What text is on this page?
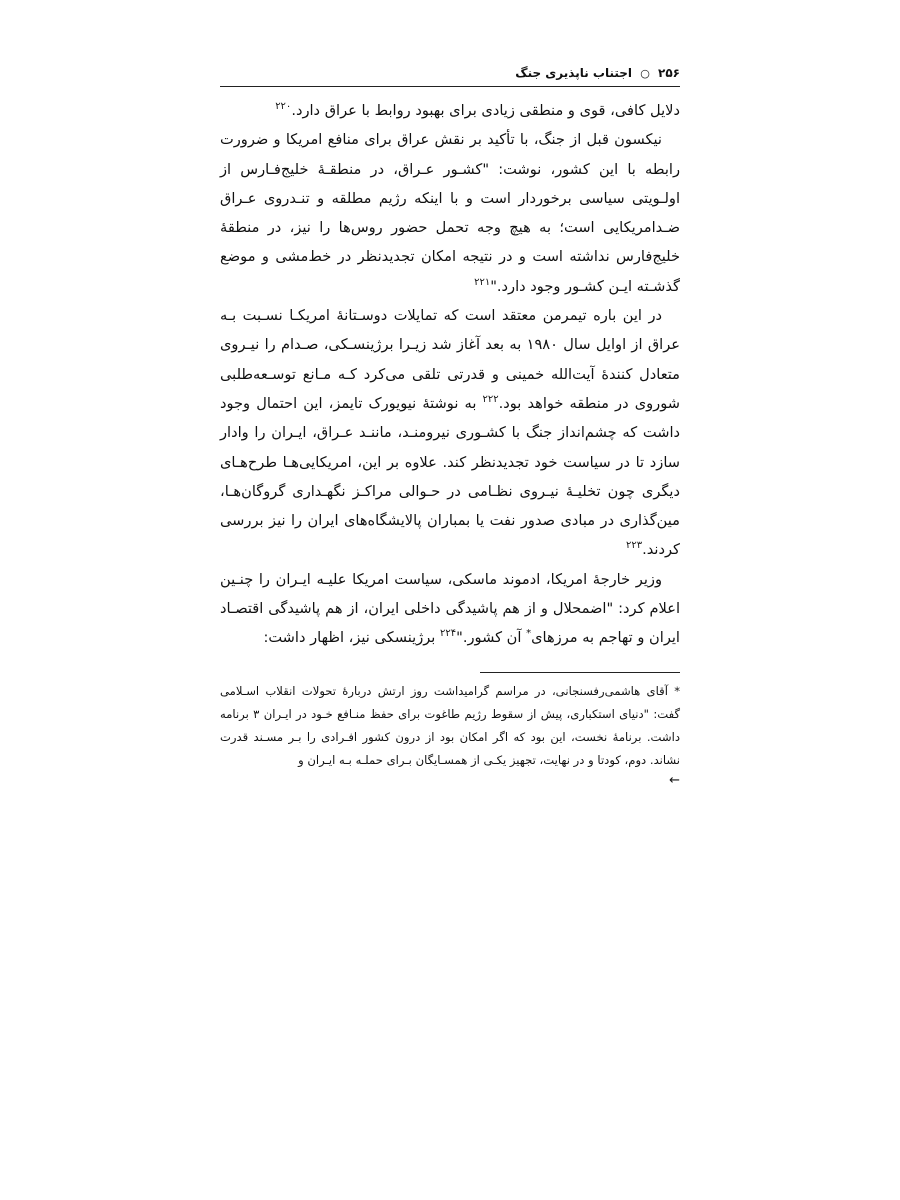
۲۵۶ ○ اجتناب ناپذیری جنگ

دلایل کافی، قوی و منطقی زیادی برای بهبود روابط با عراق دارد.$^{۲۲۰}$

نیکسون قبل از جنگ، با تأکید بر نقش عراق برای منافع امریکا و ضرورت رابطه با این کشور، نوشت: "کشـور عـراق، در منطقـهٔ خلیج‌فـارس از اولـویتی سیاسی برخوردار است و با اینکه رژیم مطلقه و تنـدروی عـراق ضـدامریکایی است؛ به هیچ وجه تحمل حضور روس‌ها را نیز، در منطقهٔ خلیج‌فارس نداشته است و در نتیجه امکان تجدیدنظر در خط‌مشی و موضع گذشـته ایـن کشـور وجود دارد."$^{۲۲۱}$

در این باره تیمرمن معتقد است که تمایلات دوسـتانهٔ امریکـا نسـبت بـه عراق از اوایل سال ۱۹۸۰ به بعد آغاز شد زیـرا برژینسـکی، صـدام را نیـروی متعادل کنندهٔ آیت‌الله خمینی و قدرتی تلقی می‌کرد کـه مـانع توسـعه‌طلبی شوروی در منطقه خواهد بود.$^{۲۲۲}$ به نوشتهٔ نیویورک تایمز، این احتمال وجود داشت که چشم‌انداز جنگ با کشـوری نیرومنـد، ماننـد عـراق، ایـران را وادار سازد تا در سیاست خود تجدیدنظر کند. علاوه بر این، امریکایی‌هـا طرح‌هـای دیگری چون تخلیـهٔ نیـروی نظـامی در حـوالی مراکـز نگهـداری گروگان‌هـا، مین‌گذاری در مبادی صدور نفت یا بمباران پالایشگاه‌های ایران را نیز بررسی کردند.$^{۲۲۳}$

وزیر خارجهٔ امریکا، ادموند ماسکی، سیاست امریکا علیـه ایـران را چنـین اعلام کرد: "اضمحلال و از هم پاشیدگی داخلی ایران، از هم پاشیدگی اقتصـاد ایران و تهاجم به مرزهای* آن کشور."$^{۲۲۴}$ برژینسکی نیز، اظهار داشت:

* آقای هاشمی‌رفسنجانی، در مراسم گرامیداشت روز ارتش دربارهٔ تحولات انقلاب اسـلامی گفت: "دنیای استکباری، پیش از سقوط رژیم طاغوت برای حفظ منـافع خـود در ایـران ۳ برنامه داشت. برنامهٔ نخست، این بود که اگر امکان بود از درون کشور افـرادی را بـر مسـند قدرت نشاند. دوم، کودتا و در نهایت، تجهیز یکـی از همسـایگان بـرای حملـه بـه ایـران و

←
